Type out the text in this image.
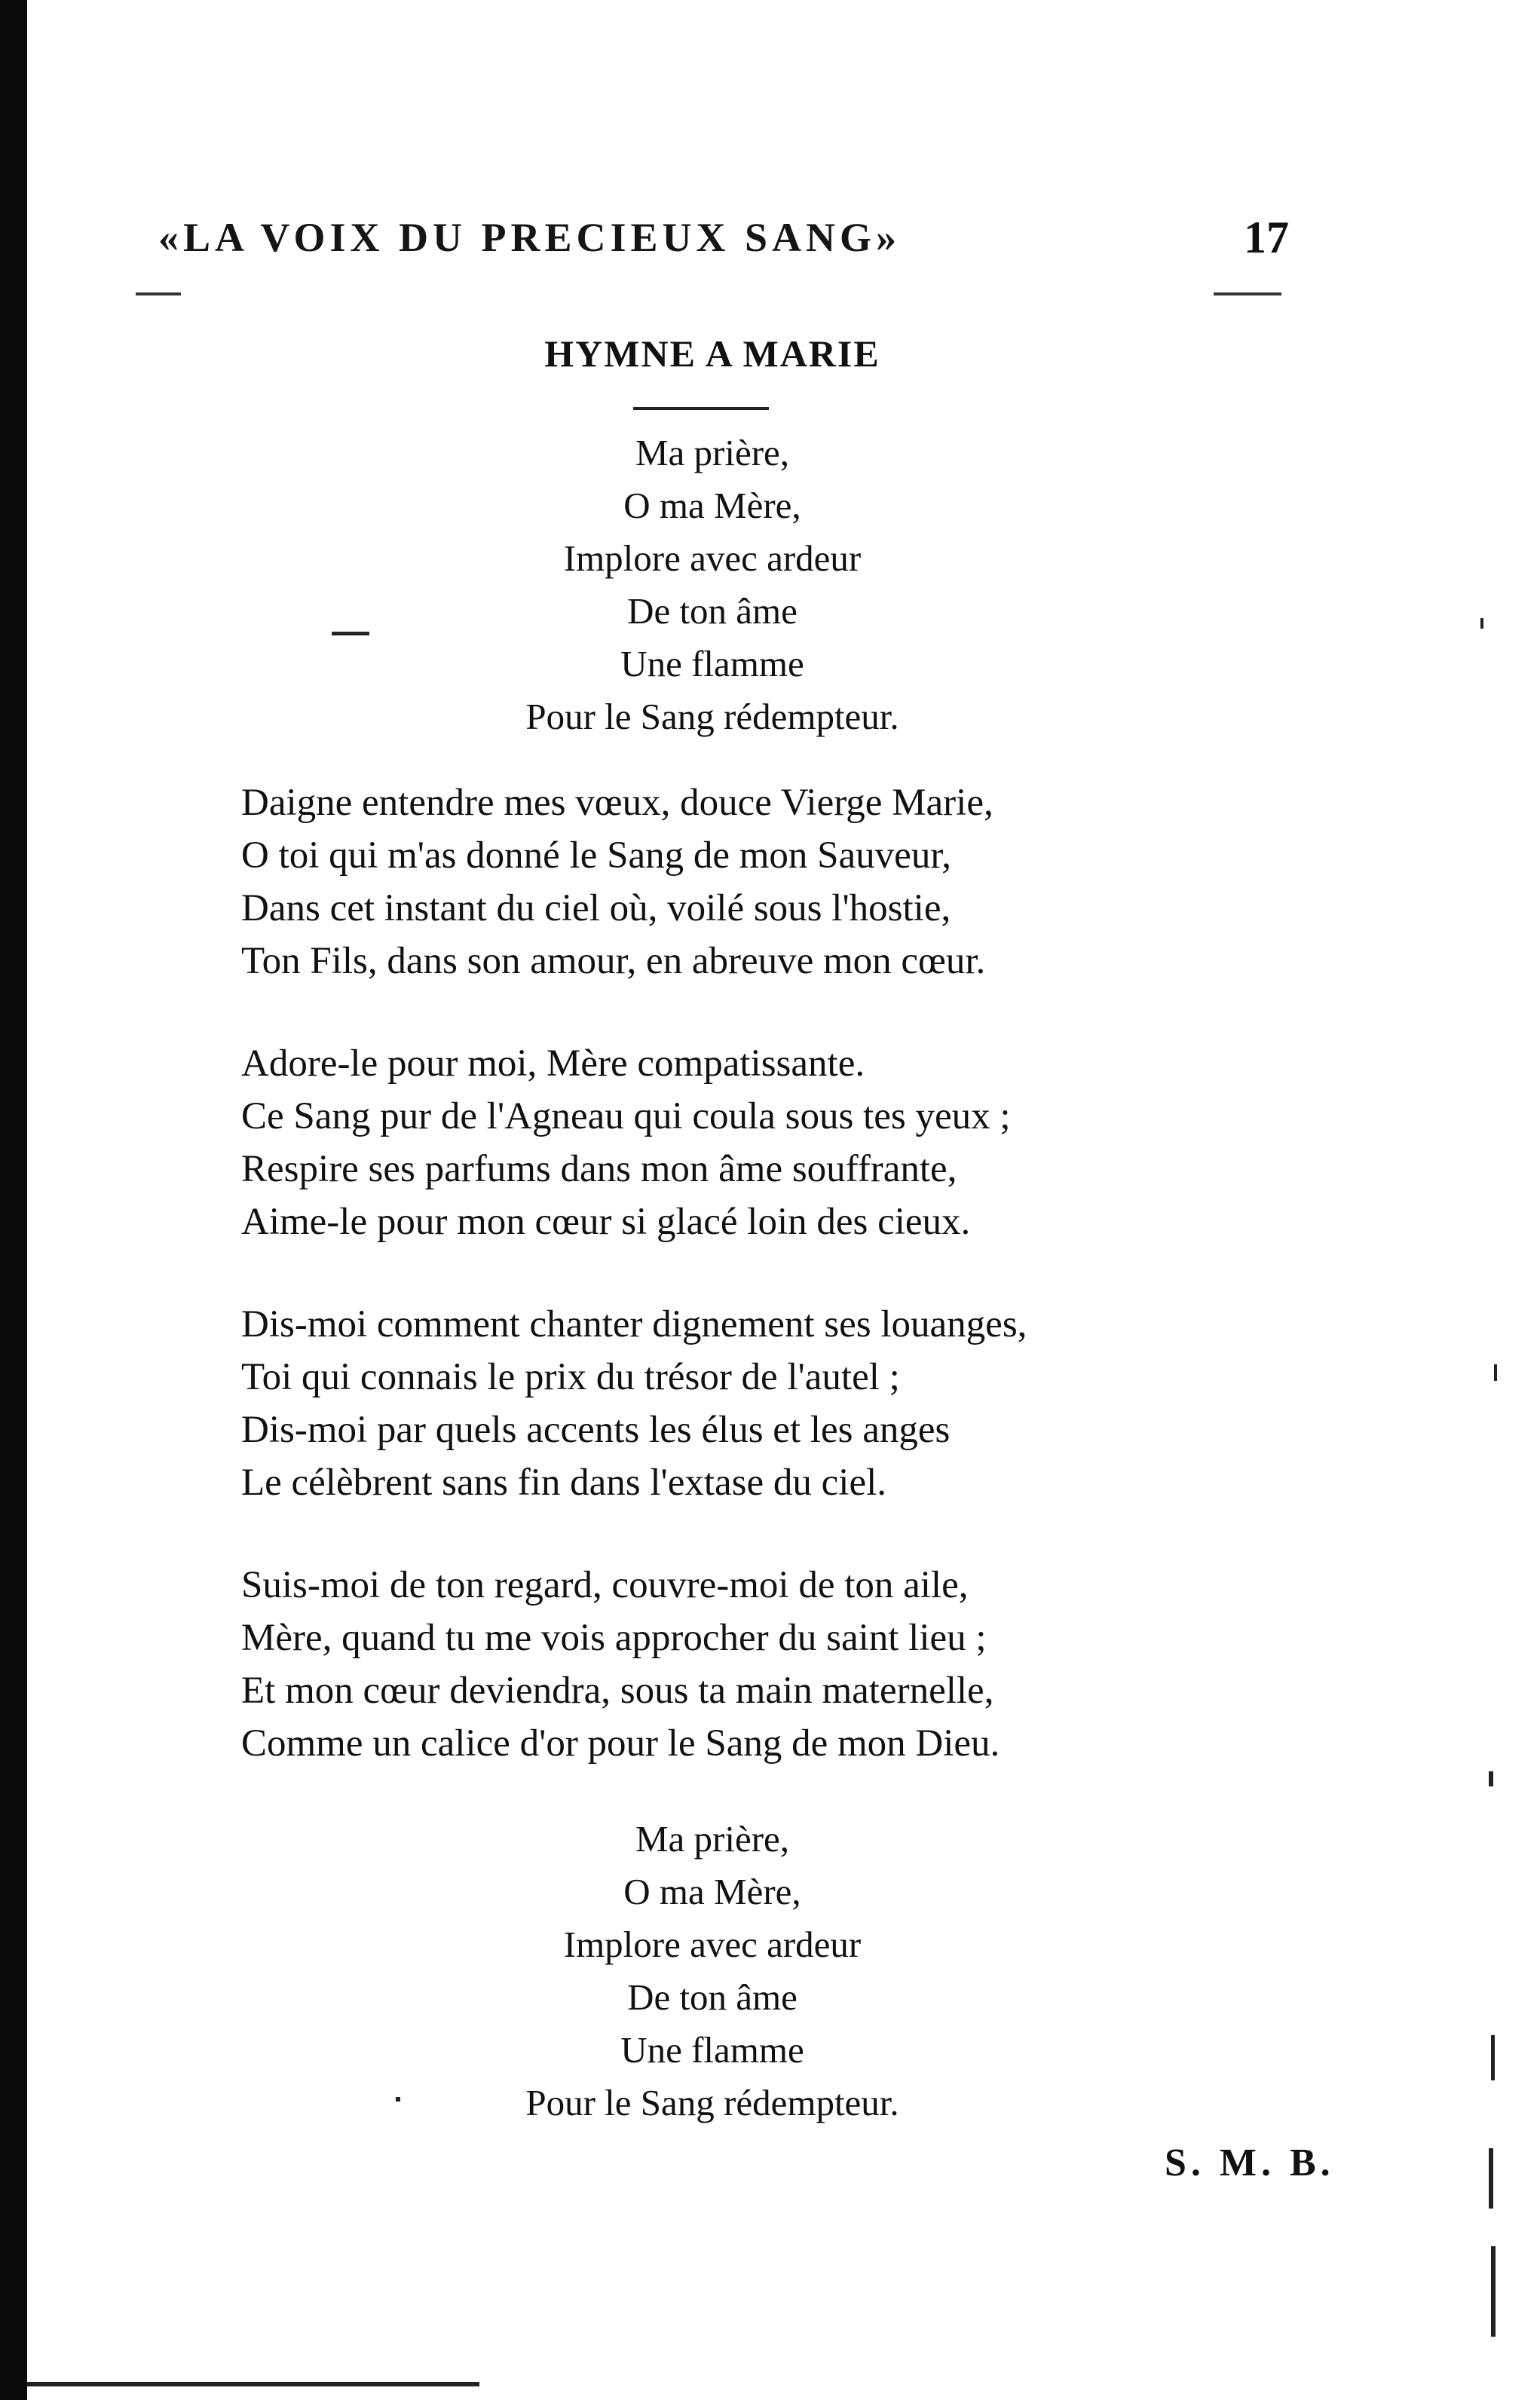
«LA VOIX DU PRECIEUX SANG»	17
HYMNE A MARIE
Ma prière,
O ma Mère,
Implore avec ardeur
De ton âme
Une flamme
Pour le Sang rédempteur.
Daigne entendre mes vœux, douce Vierge Marie,
O toi qui m'as donné le Sang de mon Sauveur,
Dans cet instant du ciel où, voilé sous l'hostie,
Ton Fils, dans son amour, en abreuve mon cœur.
Adore-le pour moi, Mère compatissante.
Ce Sang pur de l'Agneau qui coula sous tes yeux ;
Respire ses parfums dans mon âme souffrante,
Aime-le pour mon cœur si glacé loin des cieux.
Dis-moi comment chanter dignement ses louanges,
Toi qui connais le prix du trésor de l'autel ;
Dis-moi par quels accents les élus et les anges
Le célèbrent sans fin dans l'extase du ciel.
Suis-moi de ton regard, couvre-moi de ton aile,
Mère, quand tu me vois approcher du saint lieu ;
Et mon cœur deviendra, sous ta main maternelle,
Comme un calice d'or pour le Sang de mon Dieu.
Ma prière,
O ma Mère,
Implore avec ardeur
De ton âme
Une flamme
Pour le Sang rédempteur.
S. M. B.
